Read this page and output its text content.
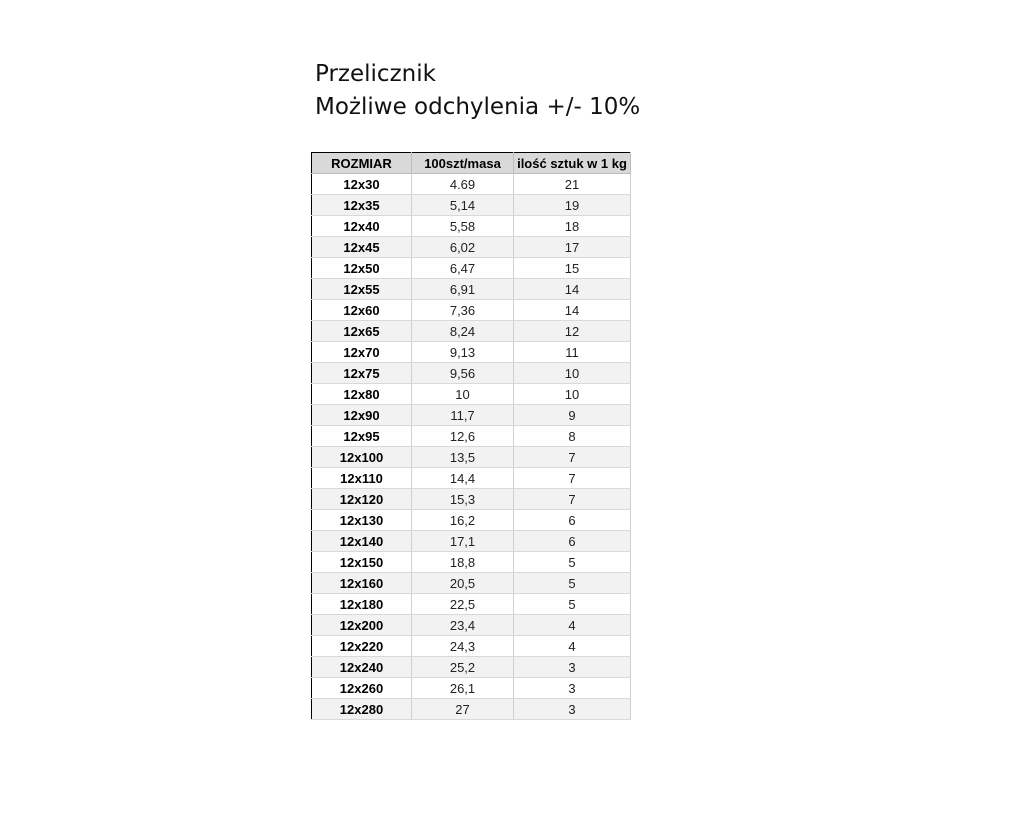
Przelicznik
Możliwe odchylenia +/- 10%
ROZMIAR	100szt/masa	ilość sztuk w 1 kg
12x30	4.69	21
12x35	5,14	19
12x40	5,58	18
12x45	6,02	17
12x50	6,47	15
12x55	6,91	14
12x60	7,36	14
12x65	8,24	12
12x70	9,13	11
12x75	9,56	10
12x80	10	10
12x90	11,7	9
12x95	12,6	8
12x100	13,5	7
12x110	14,4	7
12x120	15,3	7
12x130	16,2	6
12x140	17,1	6
12x150	18,8	5
12x160	20,5	5
12x180	22,5	5
12x200	23,4	4
12x220	24,3	4
12x240	25,2	3
12x260	26,1	3
12x280	27	3
